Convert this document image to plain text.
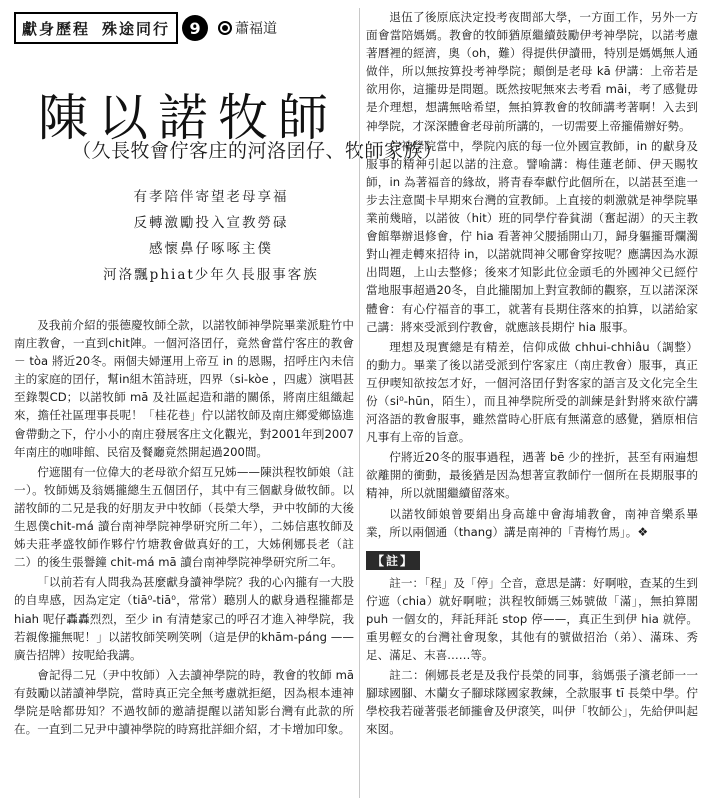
獻身歷程 殊途同行	9	蕭福道
陳以諾牧師
（久長牧會佇客庄的河洛囝仔、牧師家族）
有孝陪伴寄望老母享福
反轉激勵投入宣教勞碌
感懷鼻仔啄啄主僕
河洛飄phiat少年久長服事客族

及我前介紹的張德慶牧師仝款，以諾牧師神學院畢業派駐竹中南庄教會，一直到chit陣。一個河洛囝仔，竟然會當佇客庄的教會－ tòa 將近20冬。兩個夫婦運用上帝互 in 的恩賜，招呼庄內未信主的家庭的囝仔，幫in組木笛詩班，四界（si-kòe ，四處）演唱甚至錄製CD；以諾牧師 mā 及社區起造和諧的關係，將南庄組織起來，擔任社區理事長呢！「桂花巷」佇以諾牧師及南庄鄉愛鄉協進會帶動之下，佇小小的南庄發展客庄文化觀光，對2001年到2007年南庄的咖啡館、民宿及餐廳竟然開起過200間。

佇遮閣有一位偉大的老母欲介紹互兄姊——陳洪程牧師娘（註一）。牧師媽及翁媽攏總生五個囝仔，其中有三個獻身做牧師。以諾牧師的二兄是我的好朋友尹中牧師（長榮大學，尹中牧師的大後生恩僕chit-má 讀台南神學院神學研究所二年），二姊信惠牧師及姊夫莊孝盛牧師作夥佇竹塘教會做真好的工，大姊俐娜長老（註二）的後生張譽鐘 chit-má mā 讀台南神學院神學研究所二年。

「以前若有人問我為甚麼獻身讀神學院？我的心內攏有一大股的自卑感，因為定定（tiā⁰-tiā⁰，常常）聽別人的獻身過程攏都是 hiah 呢仔轟轟烈烈，至少 in 有清楚家己的呼召才進入神學院，我若親像攏無呢！」以諾牧師笑咧笑咧（這是伊的khām-páng ——廣告招牌）按呢給我講。

會記得二兄（尹中牧師）入去讀神學院的時，教會的牧師 mā 有鼓勵以諾讀神學院，當時真正完全無考慮就拒絕，因為根本連神學院是啥都毋知？不過牧師的邀請提醒以諾知影台灣有此款的所在。一直到二兄尹中讀神學院的時寫批詳細介紹，才卡增加印象。

退伍了後原底決定投考夜間部大學，一方面工作，另外一方面會當陪媽媽。教會的牧師猶原繼續鼓勵伊考神學院，以諾考慮著曆裡的經濟，奧（oh，難）得提供伊讀冊，特別是媽媽無人通做伴，所以無按算投考神學院；顛倒是老母 kā 伊講：上帝若是欲用你，這攏毋是問題。既然按呢無來去考看 māi，考了感覺毋是介理想，想講無啥希望，無拍算教會的牧師講考著啊！入去到神學院，才深深體會老母前所講的，一切需要上帝攏備辦好勢。

佇神學院當中，學院內底的每一位外國宣教師，in 的獻身及服事的精神引起以諾的注意。譬喻講：梅佳蓮老師、伊天賜牧師，in 為著福音的緣故，將青春奉獻佇此個所在，以諾甚至進一步去注意閩卡早期來台灣的宣教師。上直接的刺激就是神學院畢業前幾暗，以諾彼（hit）班的同學佇眷貧湖（奮起湖）的天主教會館舉辦退修會，佇 hia 看著神父腰插開山刀，歸身軀攏哥爛濁對山裡走轉來招待 in，以諾就問神父哪會穿按呢？應講因為水源出問題，上山去整修；後來才知影此位金頭毛的外國神父已經佇當地服事超過20冬，自此攏閣加上對宣教師的觀察，互以諾深深體會：有心佇福音的事工，就著有長期住落來的拍算，以諾給家己講：將來受派到佇教會，就應該長期佇 hia 服事。

理想及現實總是有精差，信仰成做 chhui-chhiâu（調整）的動力。畢業了後以諾受派到佇客家庄（南庄教會）服事，真正互伊喫知欲按怎才好，一個河洛囝仔對客家的語言及文化完全生份（si⁰-hūn，陌生），而且神學院所受的訓練是針對將來欲佇講河洛語的教會服事，雖然當時心肝底有無滿意的感覺，猶原相信凡事有上帝的旨意。

佇將近20冬的服事過程，遇著 bē 少的挫折，甚至有兩遍想欲離開的衝動，最後猶是因為想著宣教師佇一個所在長期服事的精神，所以就閣繼續留落來。

以諾牧師娘曾要絹出身高雄中會海埔教會，南神音樂系畢業，所以兩個通（thang）講是南神的「青梅竹馬」。❖

【註】

註一：「程」及「停」仝音，意思是講：好啊啦，查某的生到佇遮（chia）就好啊啦；洪程牧師媽三姊號做「滿」，無拍算閣 puh 一個女的，拜託拜託 stop 停——，真正生到伊 hia 就停。重男輕女的台灣社會現象，其他有的號做招治（弟）、滿珠、秀足、滿足、末喜……等。

註二：俐娜長老是及我佇長榮的同事，翁媽張子濱老師一一腳球國腳、木蘭女子腳球隊國家教練，仝款服事 tī 長榮中學。佇學校我若碰著張老師攏會及伊滾笑，叫伊「牧師公」，先給伊叫起來囡。
